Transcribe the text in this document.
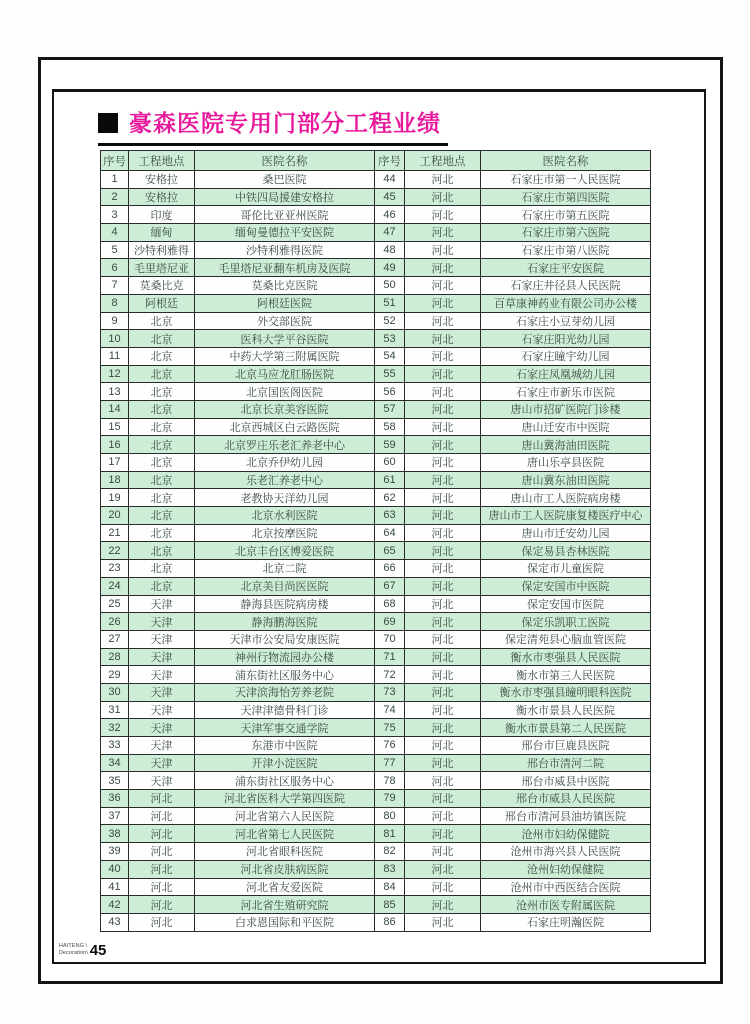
豪森医院专用门部分工程业绩
序号	工程地点	医院名称	序号	工程地点	医院名称
1	安格拉	桑巴医院	44	河北	石家庄市第一人民医院
2	安格拉	中铁四局援建安格拉	45	河北	石家庄市第四医院
3	印度	哥伦比亚亚州医院	46	河北	石家庄市第五医院
4	缅甸	缅甸曼德拉平安医院	47	河北	石家庄市第六医院
5	沙特利雅得	沙特利雅得医院	48	河北	石家庄市第八医院
6	毛里塔尼亚	毛里塔尼亚翻车机房及医院	49	河北	石家庄平安医院
7	莫桑比克	莫桑比克医院	50	河北	石家庄井径县人民医院
8	阿根廷	阿根廷医院	51	河北	百草康神药业有限公司办公楼
9	北京	外交部医院	52	河北	石家庄小豆芽幼儿园
10	北京	医科大学平谷医院	53	河北	石家庄阳光幼儿园
11	北京	中药大学第三附属医院	54	河北	石家庄瞳宇幼儿园
12	北京	北京马应龙肛肠医院	55	河北	石家庄凤凰城幼儿园
13	北京	北京国医阁医院	56	河北	石家庄市新乐市医院
14	北京	北京长京美容医院	57	河北	唐山市招矿医院门诊楼
15	北京	北京西城区白云路医院	58	河北	唐山迁安市中医院
16	北京	北京罗庄乐老汇养老中心	59	河北	唐山冀海油田医院
17	北京	北京乔伊幼儿园	60	河北	唐山乐亭县医院
18	北京	乐老汇养老中心	61	河北	唐山冀东油田医院
19	北京	老教协天洋幼儿园	62	河北	唐山市工人医院病房楼
20	北京	北京水利医院	63	河北	唐山市工人医院康复楼医疗中心
21	北京	北京按摩医院	64	河北	唐山市迁安幼儿园
22	北京	北京丰台区博爱医院	65	河北	保定易县杏林医院
23	北京	北京二院	66	河北	保定市儿童医院
24	北京	北京美目尚医医院	67	河北	保定安国市中医院
25	天津	静海县医院病房楼	68	河北	保定安国市医院
26	天津	静海鹏海医院	69	河北	保定乐凯职工医院
27	天津	天津市公安局安康医院	70	河北	保定清苑县心脑血管医院
28	天津	神州行物流园办公楼	71	河北	衡水市枣强县人民医院
29	天津	浦东街社区服务中心	72	河北	衡水市第三人民医院
30	天津	天津滨海怡芳养老院	73	河北	衡水市枣强县瞳明眼科医院
31	天津	天津津德骨科门诊	74	河北	衡水市景县人民医院
32	天津	天津军事交通学院	75	河北	衡水市景县第二人民医院
33	天津	东港市中医院	76	河北	邢台市巨鹿县医院
34	天津	开津小淀医院	77	河北	邢台市清河二院
35	天津	浦东街社区服务中心	78	河北	邢台市威县中医院
36	河北	河北省医科大学第四医院	79	河北	邢台市威县人民医院
37	河北	河北省第六人民医院	80	河北	邢台市清河县油坊镇医院
38	河北	河北省第七人民医院	81	河北	沧州市妇幼保健院
39	河北	河北省眼科医院	82	河北	沧州市海兴县人民医院
40	河北	河北省皮肤病医院	83	河北	沧州妇幼保健院
41	河北	河北省友爱医院	84	河北	沧州市中西医结合医院
42	河北	河北省生殖研究院	85	河北	沧州市医专附属医院
43	河北	白求恩国际和平医院	86	河北	石家庄明瀚医院
HAITENG \
Decoration\ 45
